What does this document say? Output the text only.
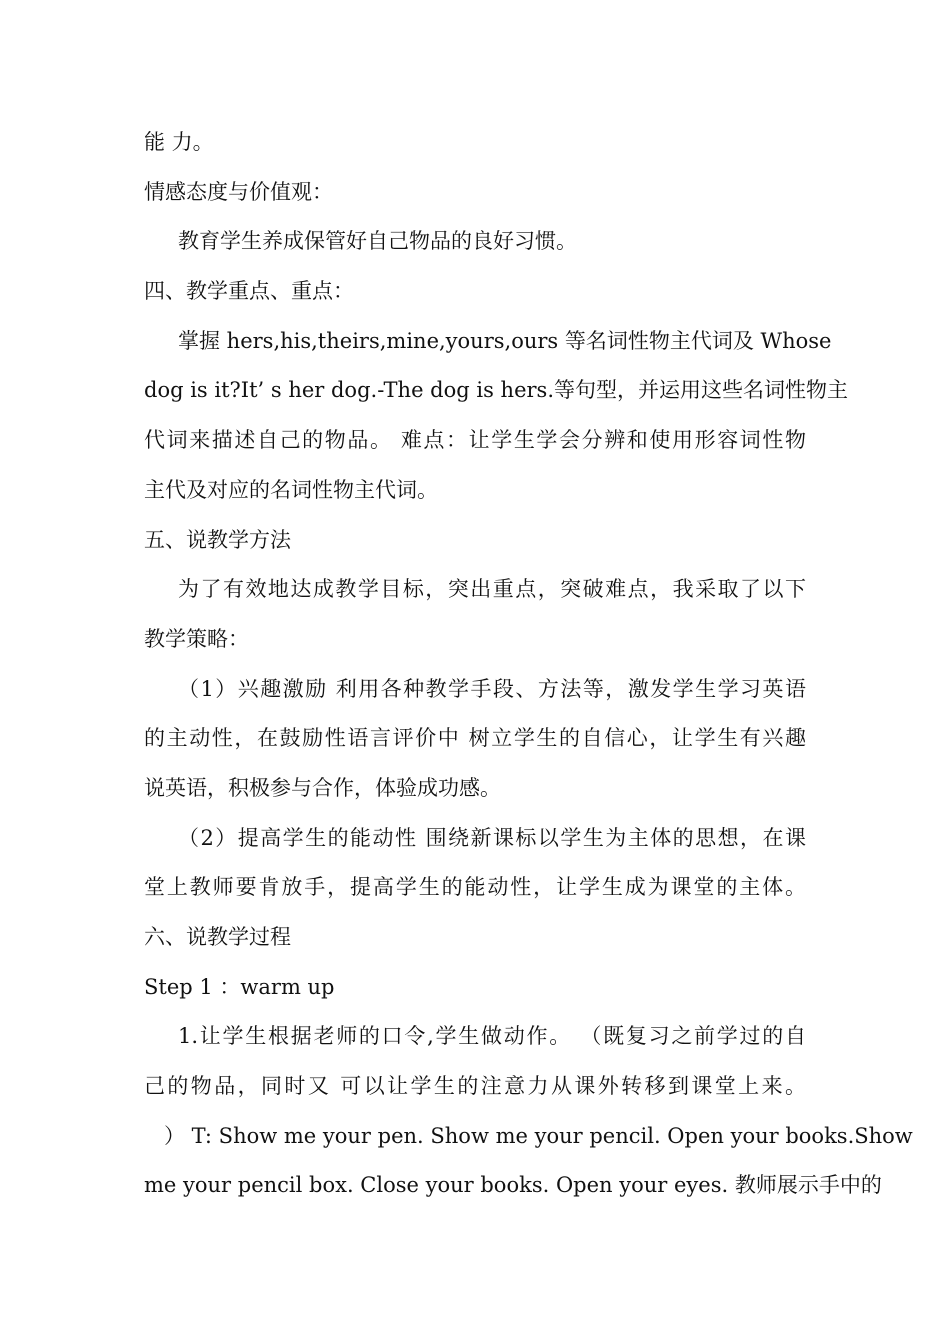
能 力。
情感态度与价值观：
教育学生养成保管好自己物品的良好习惯。
四、教学重点、重点：
掌握 hers,his,theirs,mine,yours,ours 等名词性物主代词及 Whose
dog is it?It’ s her dog.-The dog is hers.等句型，并运用这些名词性物主
代词来描述自己的物品。 难点：让学生学会分辨和使用形容词性物
主代及对应的名词性物主代词。
五、说教学方法
为了有效地达成教学目标，突出重点，突破难点，我采取了以下
教学策略：
（1）兴趣激励 利用各种教学手段、方法等，激发学生学习英语
的主动性，在鼓励性语言评价中 树立学生的自信心，让学生有兴趣
说英语，积极参与合作，体验成功感。
（2）提高学生的能动性 围绕新课标以学生为主体的思想，在课
堂上教师要肯放手，提高学生的能动性，让学生成为课堂的主体。
六、说教学过程
Step 1 ：warm up
1.让学生根据老师的口令,学生做动作。 （既复习之前学过的自
己的物品，同时又 可以让学生的注意力从课外转移到课堂上来。
） T: Show me your pen. Show me your pencil. Open your books.Show
me your pencil box. Close your books. Open your eyes. 教师展示手中的
